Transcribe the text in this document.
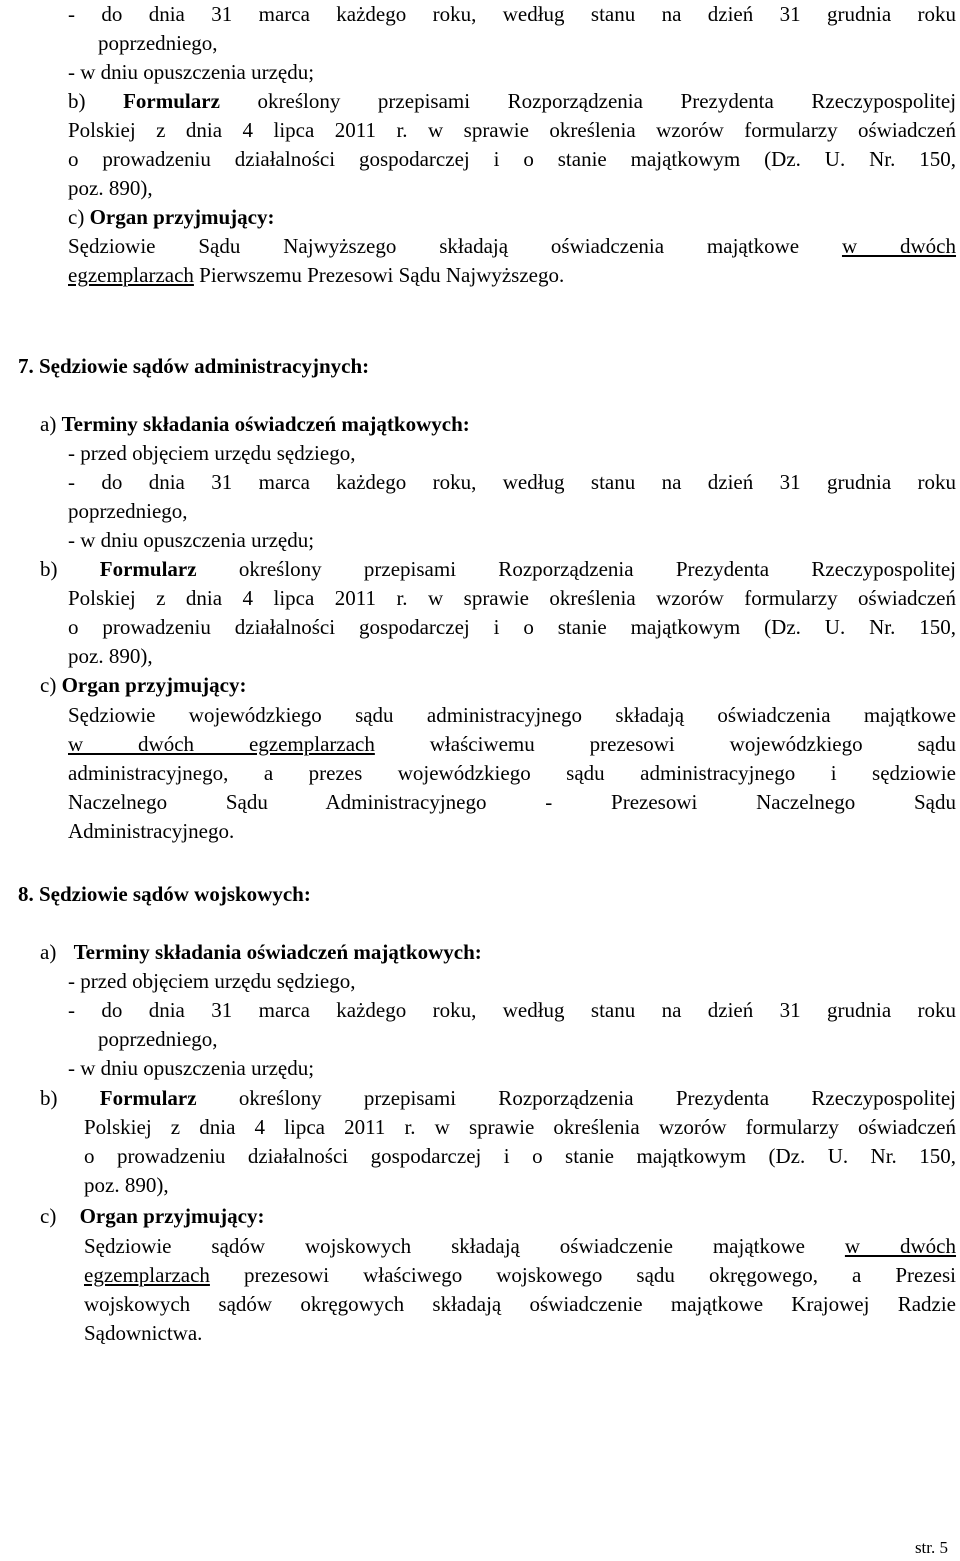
- do dnia 31 marca każdego roku, według stanu na dzień 31 grudnia roku
poprzedniego,
- w dniu opuszczenia urzędu;
b) Formularz określony przepisami Rozporządzenia Prezydenta Rzeczypospolitej
Polskiej z dnia 4 lipca 2011 r. w sprawie określenia wzorów formularzy oświadczeń
o prowadzeniu działalności gospodarczej i o stanie majątkowym (Dz. U. Nr. 150,
poz. 890),
c) Organ przyjmujący:
Sędziowie Sądu Najwyższego składają oświadczenia majątkowe w dwóch
egzemplarzach Pierwszemu Prezesowi Sądu Najwyższego.
7. Sędziowie sądów administracyjnych:
a) Terminy składania oświadczeń majątkowych:
- przed objęciem urzędu sędziego,
- do dnia 31 marca każdego roku, według stanu na dzień 31 grudnia roku
poprzedniego,
- w dniu opuszczenia urzędu;
b) Formularz określony przepisami Rozporządzenia Prezydenta Rzeczypospolitej
Polskiej z dnia 4 lipca 2011 r. w sprawie określenia wzorów formularzy oświadczeń
o prowadzeniu działalności gospodarczej i o stanie majątkowym (Dz. U. Nr. 150,
poz. 890),
c) Organ przyjmujący:
Sędziowie wojewódzkiego sądu administracyjnego składają oświadczenia majątkowe
w dwóch egzemplarzach	właściwemu prezesowi wojewódzkiego sądu
administracyjnego, a prezes wojewódzkiego sądu administracyjnego i sędziowie
Naczelnego Sądu Administracyjnego - Prezesowi Naczelnego Sądu
Administracyjnego.
8. Sędziowie sądów wojskowych:
a) Terminy składania oświadczeń majątkowych:
- przed objęciem urzędu sędziego,
- do dnia 31 marca każdego roku, według stanu na dzień 31 grudnia roku
poprzedniego,
- w dniu opuszczenia urzędu;
b) Formularz określony przepisami Rozporządzenia Prezydenta Rzeczypospolitej
Polskiej z dnia 4 lipca 2011 r. w sprawie określenia wzorów formularzy oświadczeń
o prowadzeniu działalności gospodarczej i o stanie majątkowym (Dz. U. Nr. 150,
poz. 890),
c) Organ przyjmujący:
Sędziowie sądów wojskowych składają oświadczenie majątkowe w dwóch
egzemplarzach prezesowi właściwego wojskowego sądu okręgowego, a Prezesi
wojskowych sądów okręgowych składają oświadczenie majątkowe Krajowej Radzie
Sądownictwa.
str. 5
